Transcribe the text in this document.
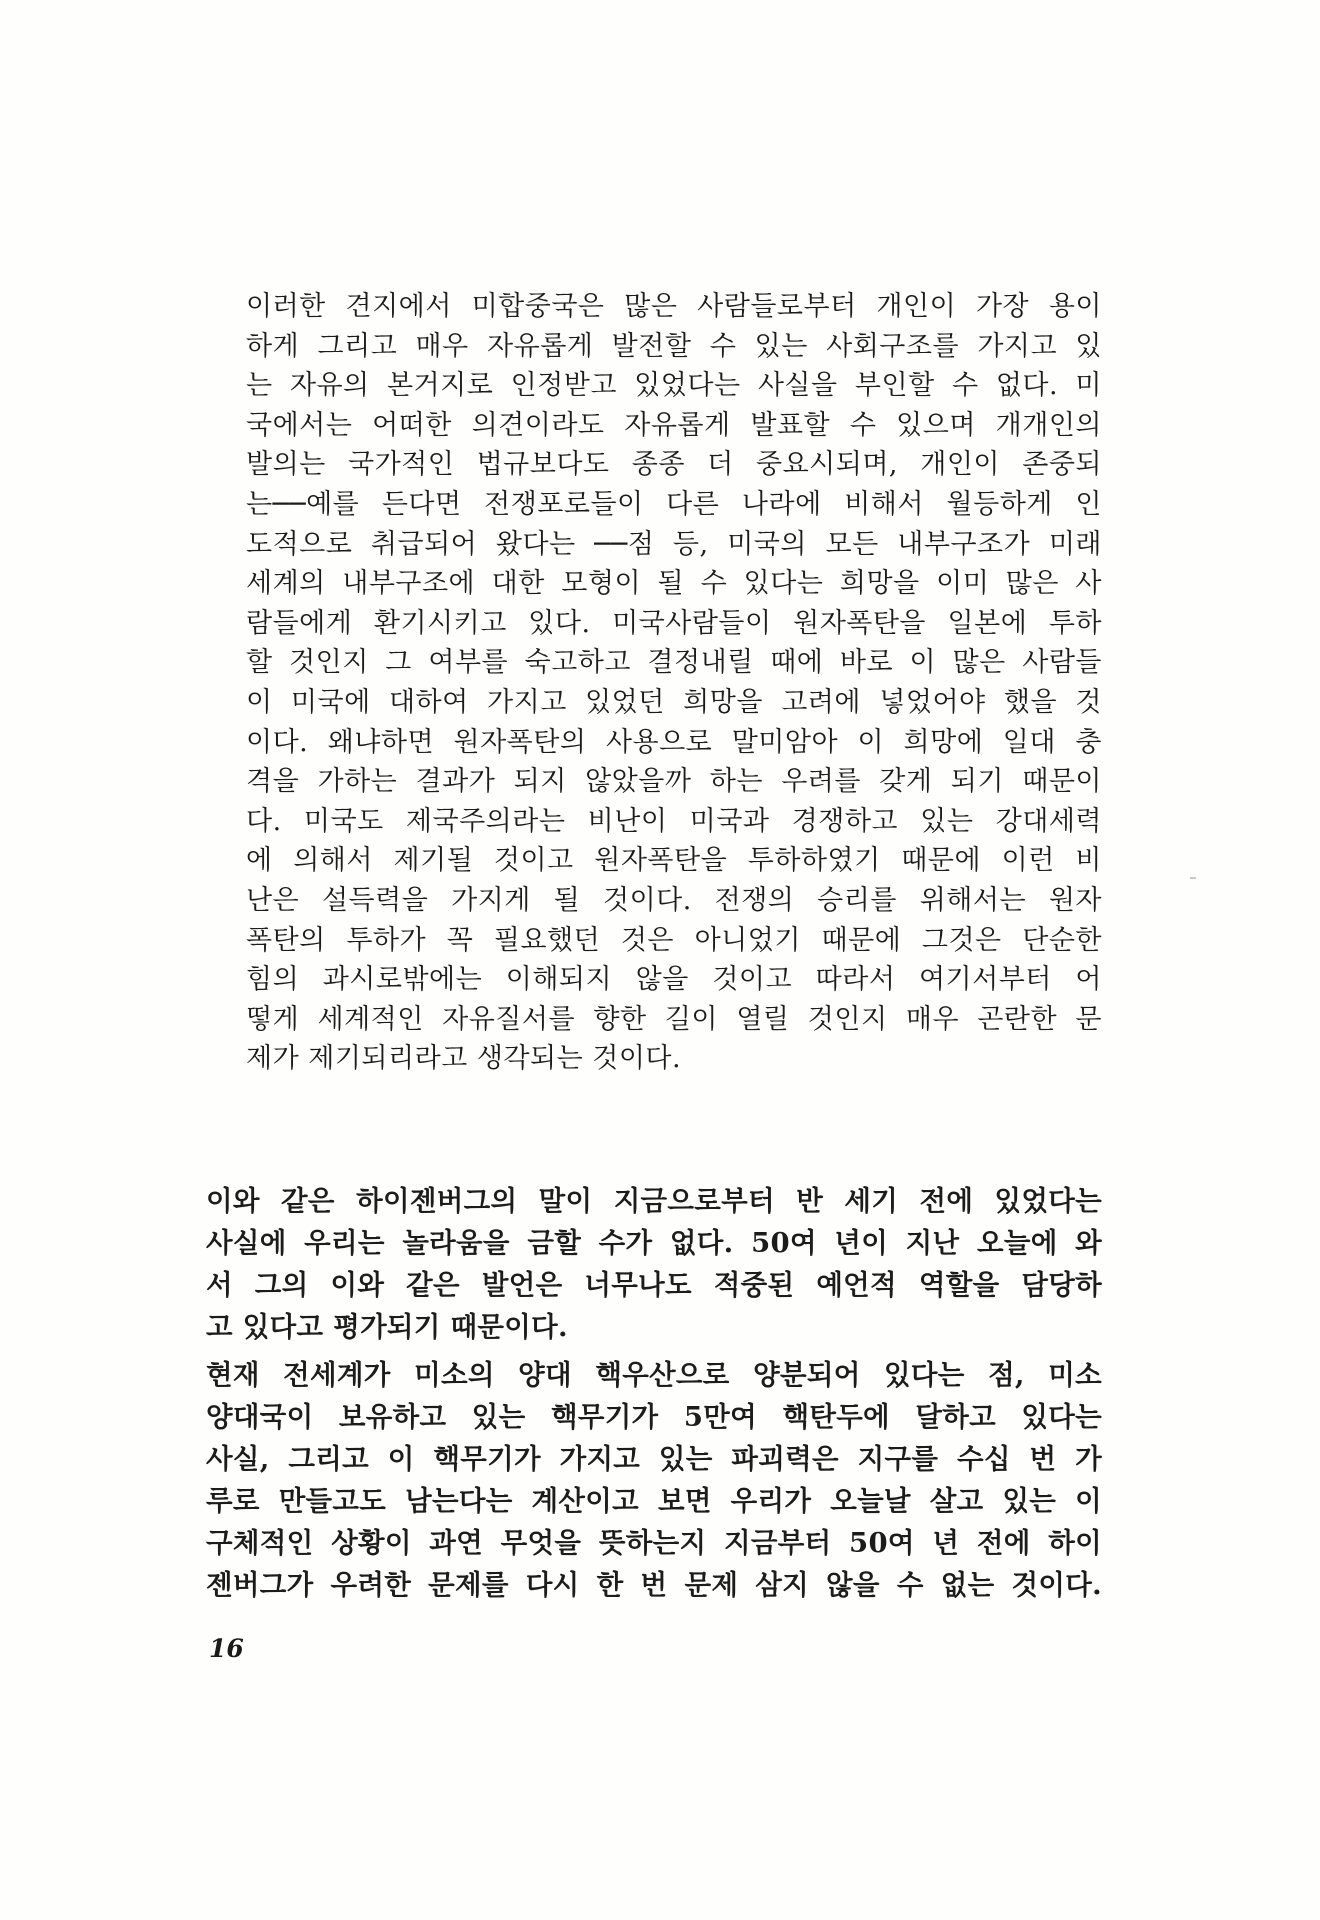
이러한 견지에서 미합중국은 많은 사람들로부터 개인이 가장 용이
하게 그리고 매우 자유롭게 발전할 수 있는 사회구조를 가지고 있
는 자유의 본거지로 인정받고 있었다는 사실을 부인할 수 없다. 미
국에서는 어떠한 의견이라도 자유롭게 발표할 수 있으며 개개인의
발의는 국가적인 법규보다도 종종 더 중요시되며, 개인이 존중되
는──예를 든다면 전쟁포로들이 다른 나라에 비해서 월등하게 인
도적으로 취급되어 왔다는 ──점 등, 미국의 모든 내부구조가 미래
세계의 내부구조에 대한 모형이 될 수 있다는 희망을 이미 많은 사
람들에게 환기시키고 있다. 미국사람들이 원자폭탄을 일본에 투하
할 것인지 그 여부를 숙고하고 결정내릴 때에 바로 이 많은 사람들
이 미국에 대하여 가지고 있었던 희망을 고려에 넣었어야 했을 것
이다. 왜냐하면 원자폭탄의 사용으로 말미암아 이 희망에 일대 충
격을 가하는 결과가 되지 않았을까 하는 우려를 갖게 되기 때문이
다. 미국도 제국주의라는 비난이 미국과 경쟁하고 있는 강대세력
에 의해서 제기될 것이고 원자폭탄을 투하하였기 때문에 이런 비
난은 설득력을 가지게 될 것이다. 전쟁의 승리를 위해서는 원자
폭탄의 투하가 꼭 필요했던 것은 아니었기 때문에 그것은 단순한
힘의 과시로밖에는 이해되지 않을 것이고 따라서 여기서부터 어
떻게 세계적인 자유질서를 향한 길이 열릴 것인지 매우 곤란한 문
제가 제기되리라고 생각되는 것이다.
이와 같은 하이젠버그의 말이 지금으로부터 반 세기 전에 있었다는
사실에 우리는 놀라움을 금할 수가 없다. 50여 년이 지난 오늘에 와
서 그의 이와 같은 발언은 너무나도 적중된 예언적 역할을 담당하
고 있다고 평가되기 때문이다.
현재 전세계가 미소의 양대 핵우산으로 양분되어 있다는 점, 미소
양대국이 보유하고 있는 핵무기가 5만여 핵탄두에 달하고 있다는
사실, 그리고 이 핵무기가 가지고 있는 파괴력은 지구를 수십 번 가
루로 만들고도 남는다는 계산이고 보면 우리가 오늘날 살고 있는 이
구체적인 상황이 과연 무엇을 뜻하는지 지금부터 50여 년 전에 하이
젠버그가 우려한 문제를 다시 한 번 문제 삼지 않을 수 없는 것이다.
16
